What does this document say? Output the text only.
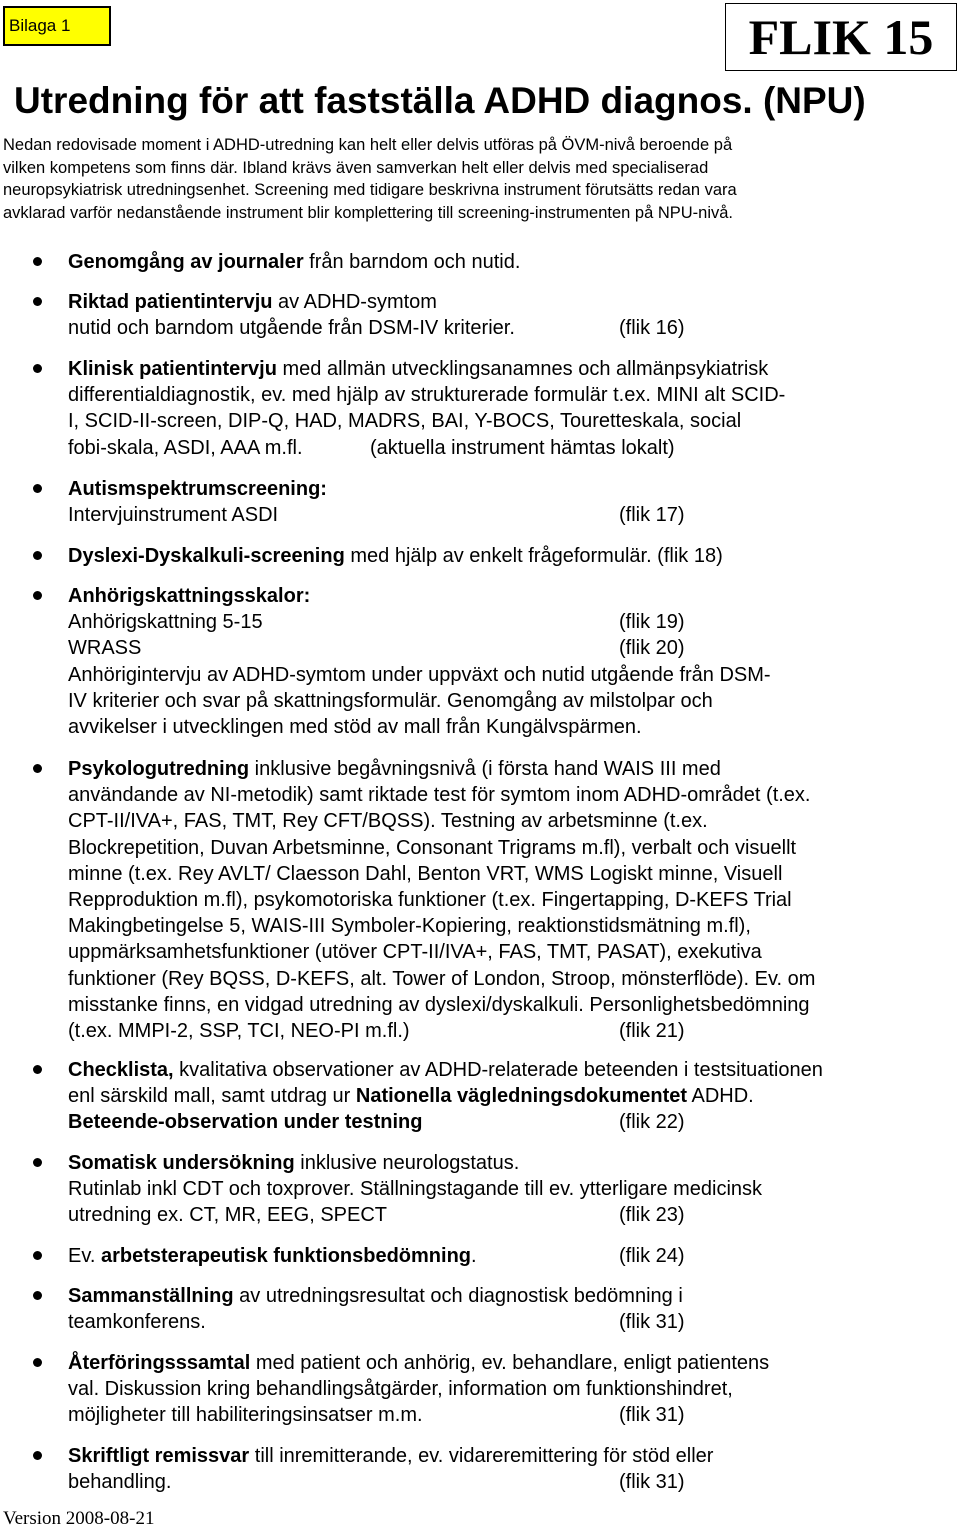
Bilaga 1	FLIK 15
Utredning för att fastställa ADHD diagnos. (NPU)
Nedan redovisade moment i ADHD-utredning kan helt eller delvis utföras på ÖVM-nivå beroende på
vilken kompetens som finns där. Ibland krävs även samverkan helt eller delvis med specialiserad
neuropsykiatrisk utredningsenhet. Screening med tidigare beskrivna instrument förutsätts redan vara
avklarad varför nedanstående instrument blir komplettering till screening-instrumenten på NPU-nivå.
Genomgång av journaler från barndom och nutid.
Riktad patientintervju av ADHD-symtom
nutid och barndom utgående från DSM-IV kriterier.	(flik 16)
Klinisk patientintervju med allmän utvecklingsanamnes och allmänpsykiatrisk
differentialdiagnostik, ev. med hjälp av strukturerade formulär t.ex. MINI alt SCID-
I, SCID-II-screen, DIP-Q, HAD, MADRS, BAI, Y-BOCS, Touretteskala, social
fobi-skala, ASDI, AAA m.fl.	(aktuella instrument hämtas lokalt)
Autismspektrumscreening:
Intervjuinstrument ASDI	(flik 17)
Dyslexi-Dyskalkuli-screening med hjälp av enkelt frågeformulär. (flik 18)
Anhörigskattningsskalor:
Anhörigskattning 5-15	(flik 19)
WRASS	(flik 20)
Anhörigintervju av ADHD-symtom under uppväxt och nutid utgående från DSM-
IV kriterier och svar på skattningsformulär. Genomgång av milstolpar och
avvikelser i utvecklingen med stöd av mall från Kungälvspärmen.
Psykologutredning inklusive begåvningsnivå (i första hand WAIS III med
användande av NI-metodik) samt riktade test för symtom inom ADHD-området (t.ex.
CPT-II/IVA+, FAS, TMT, Rey CFT/BQSS). Testning av arbetsminne (t.ex.
Blockrepetition, Duvan Arbetsminne, Consonant Trigrams m.fl), verbalt och visuellt
minne (t.ex. Rey AVLT/ Claesson Dahl, Benton VRT, WMS Logiskt minne, Visuell
Repproduktion m.fl), psykomotoriska funktioner (t.ex. Fingertapping, D-KEFS Trial
Makingbetingelse 5, WAIS-III Symboler-Kopiering, reaktionstidsmätning m.fl),
uppmärksamhetsfunktioner (utöver CPT-II/IVA+, FAS, TMT, PASAT), exekutiva
funktioner (Rey BQSS, D-KEFS, alt. Tower of London, Stroop, mönsterflöde). Ev. om
misstanke finns, en vidgad utredning av dyslexi/dyskalkuli. Personlighetsbedömning
(t.ex. MMPI-2, SSP, TCI, NEO-PI m.fl.)	(flik 21)
Checklista, kvalitativa observationer av ADHD-relaterade beteenden i testsituationen
enl särskild mall, samt utdrag ur Nationella vägledningsdokumentet ADHD.
Beteende-observation under testning	(flik 22)
Somatisk undersökning inklusive neurologstatus.
Rutinlab inkl CDT och toxprover. Ställningstagande till ev. ytterligare medicinsk
utredning ex. CT, MR, EEG, SPECT	(flik 23)
Ev. arbetsterapeutisk funktionsbedömning.	(flik 24)
Sammanställning av utredningsresultat och diagnostisk bedömning i
teamkonferens.	(flik 31)
Återföringsssamtal med patient och anhörig, ev. behandlare, enligt patientens
val. Diskussion kring behandlingsåtgärder, information om funktionshindret,
möjligheter till habiliteringsinsatser m.m.	(flik 31)
Skriftligt remissvar till inremitterande, ev. vidareremittering för stöd eller
behandling.	(flik 31)
Version 2008-08-21
